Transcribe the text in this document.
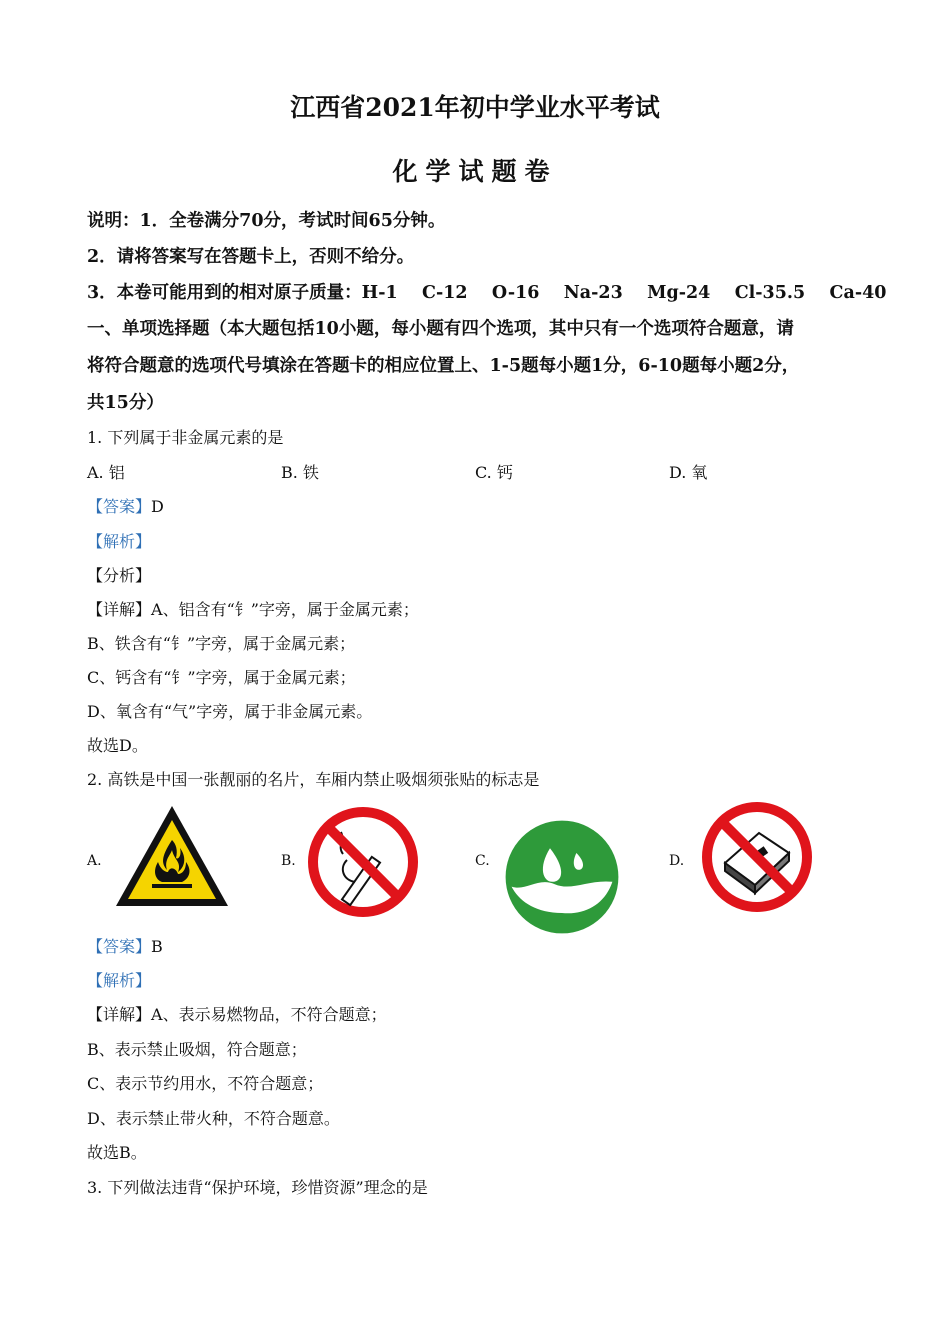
江西省2021年初中学业水平考试
化学试题卷
说明：1．全卷满分70分，考试时间65分钟。
2．请将答案写在答题卡上，否则不给分。
3．本卷可能用到的相对原子质量：H-1    C-12    O-16    Na-23    Mg-24    Cl-35.5    Ca-40
一、单项选择题（本大题包括10小题，每小题有四个选项，其中只有一个选项符合题意，请
将符合题意的选项代号填涂在答题卡的相应位置上、1-5题每小题1分，6-10题每小题2分，
共15分）
1. 下列属于非金属元素的是
A. 铝	B. 铁	C. 钙	D. 氧
【答案】D
【解析】
【分析】
【详解】A、铝含有“钅”字旁，属于金属元素；
B、铁含有“钅”字旁，属于金属元素；
C、钙含有“钅”字旁，属于金属元素；
D、氧含有“气”字旁，属于非金属元素。
故选D。
2. 高铁是中国一张靓丽的名片，车厢内禁止吸烟须张贴的标志是
A.	B.	C.	D.
【答案】B
【解析】
【详解】A、表示易燃物品，不符合题意；
B、表示禁止吸烟，符合题意；
C、表示节约用水，不符合题意；
D、表示禁止带火种，不符合题意。
故选B。
3. 下列做法违背“保护环境，珍惜资源”理念的是
